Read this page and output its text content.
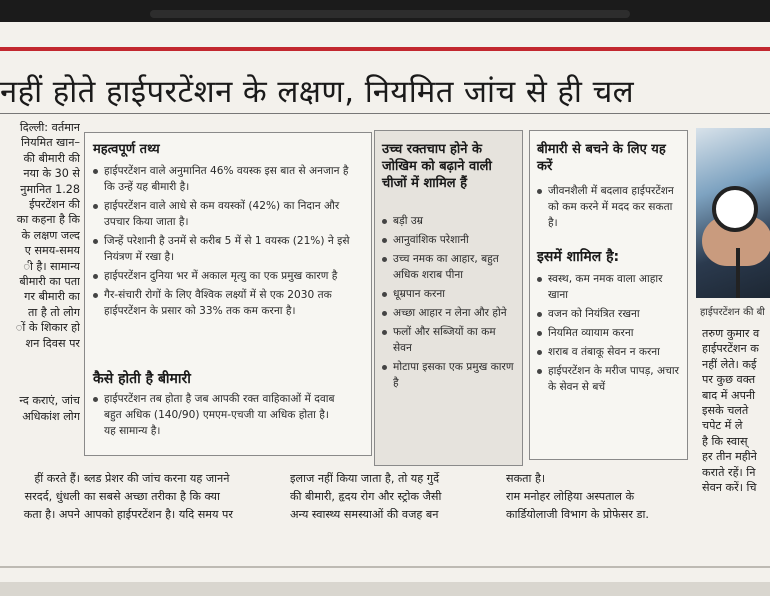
नहीं होते हाईपरटेंशन के लक्षण, नियमित जांच से ही चल
दिल्ली: वर्तमान
नियमित खान–
की बीमारी की
नया के 30 से
नुमानित 1.28
ईपरटेंशन की
का कहना है कि
के लक्षण जल्द
ए समय-समय
ी है। सामान्य
बीमारी का पता
गर बीमारी का
ता है तो लोग
ों के शिकार हो
शन दिवस पर
न्द कराएं, जांच
अधिकांश लोग
महत्वपूर्ण तथ्य
हाईपरटेंशन वाले अनुमानित 46% वयस्क इस बात से अनजान है कि उन्हें यह बीमारी है।
हाईपरटेंशन वाले आधे से कम वयस्कों (42%) का निदान और उपचार किया जाता है।
जिन्हें परेशानी है उनमें से करीब 5 में से 1 वयस्क (21%) ने इसे नियंत्रण में रखा है।
हाईपरटेंशन दुनिया भर में अकाल मृत्यु का एक प्रमुख कारण है
गैर-संचारी रोगों के लिए वैश्विक लक्ष्यों में से एक 2030 तक हाईपरटेंशन के प्रसार को 33% तक कम करना है।
कैसे होती है बीमारी
हाईपरटेंशन तब होता है जब आपकी रक्त वाहिकाओं में दवाब बहुत अधिक (140/90) एमएम-एचजी या अधिक होता है। यह सामान्य है।
उच्च रक्तचाप होने के जोखिम को बढ़ाने वाली चीजों में शामिल हैं
बड़ी उम्र
आनुवांशिक परेशानी
उच्च नमक का आहार, बहुत अधिक शराब पीना
धूम्रपान करना
अच्छा आहार न लेना और होने
फलों और सब्जियों का कम सेवन
मोटापा इसका एक प्रमुख कारण है
बीमारी से बचने के लिए यह करें
जीवनशैली में बदलाव हाईपरटेंशन को कम करने में मदद कर सकता है।
इसमें शामिल है:
स्वस्थ, कम नमक वाला आहार खाना
वजन को नियंत्रित रखना
नियमित व्यायाम करना
शराब व तंबाकू सेवन न करना
हाईपरटेंशन के मरीज पापड़, अचार के सेवन से बचें
हाईपरटेंशन की बी
तरुण कुमार व
हाईपरटेंशन क
नहीं लेते। कई
पर कुछ वक्त
बाद में अपनी
इसके चलते
चपेट में ले
है कि स्वास्
हर तीन महीने
कराते रहें। नि
सेवन करें। चि
हीं करते हैं।
सरदर्द, धुंधली
कता है। अपने
ब्लड प्रेशर की जांच करना यह जानने
का सबसे अच्छा तरीका है कि क्या
आपको हाईपरटेंशन है। यदि समय पर
इलाज नहीं किया जाता है, तो यह गुर्दे
की बीमारी, हृदय रोग और स्ट्रोक जैसी
अन्य स्वास्थ्य समस्याओं की वजह बन
सकता है।
राम मनोहर लोहिया अस्पताल के
कार्डियोलाजी विभाग के प्रोफेसर डा.
